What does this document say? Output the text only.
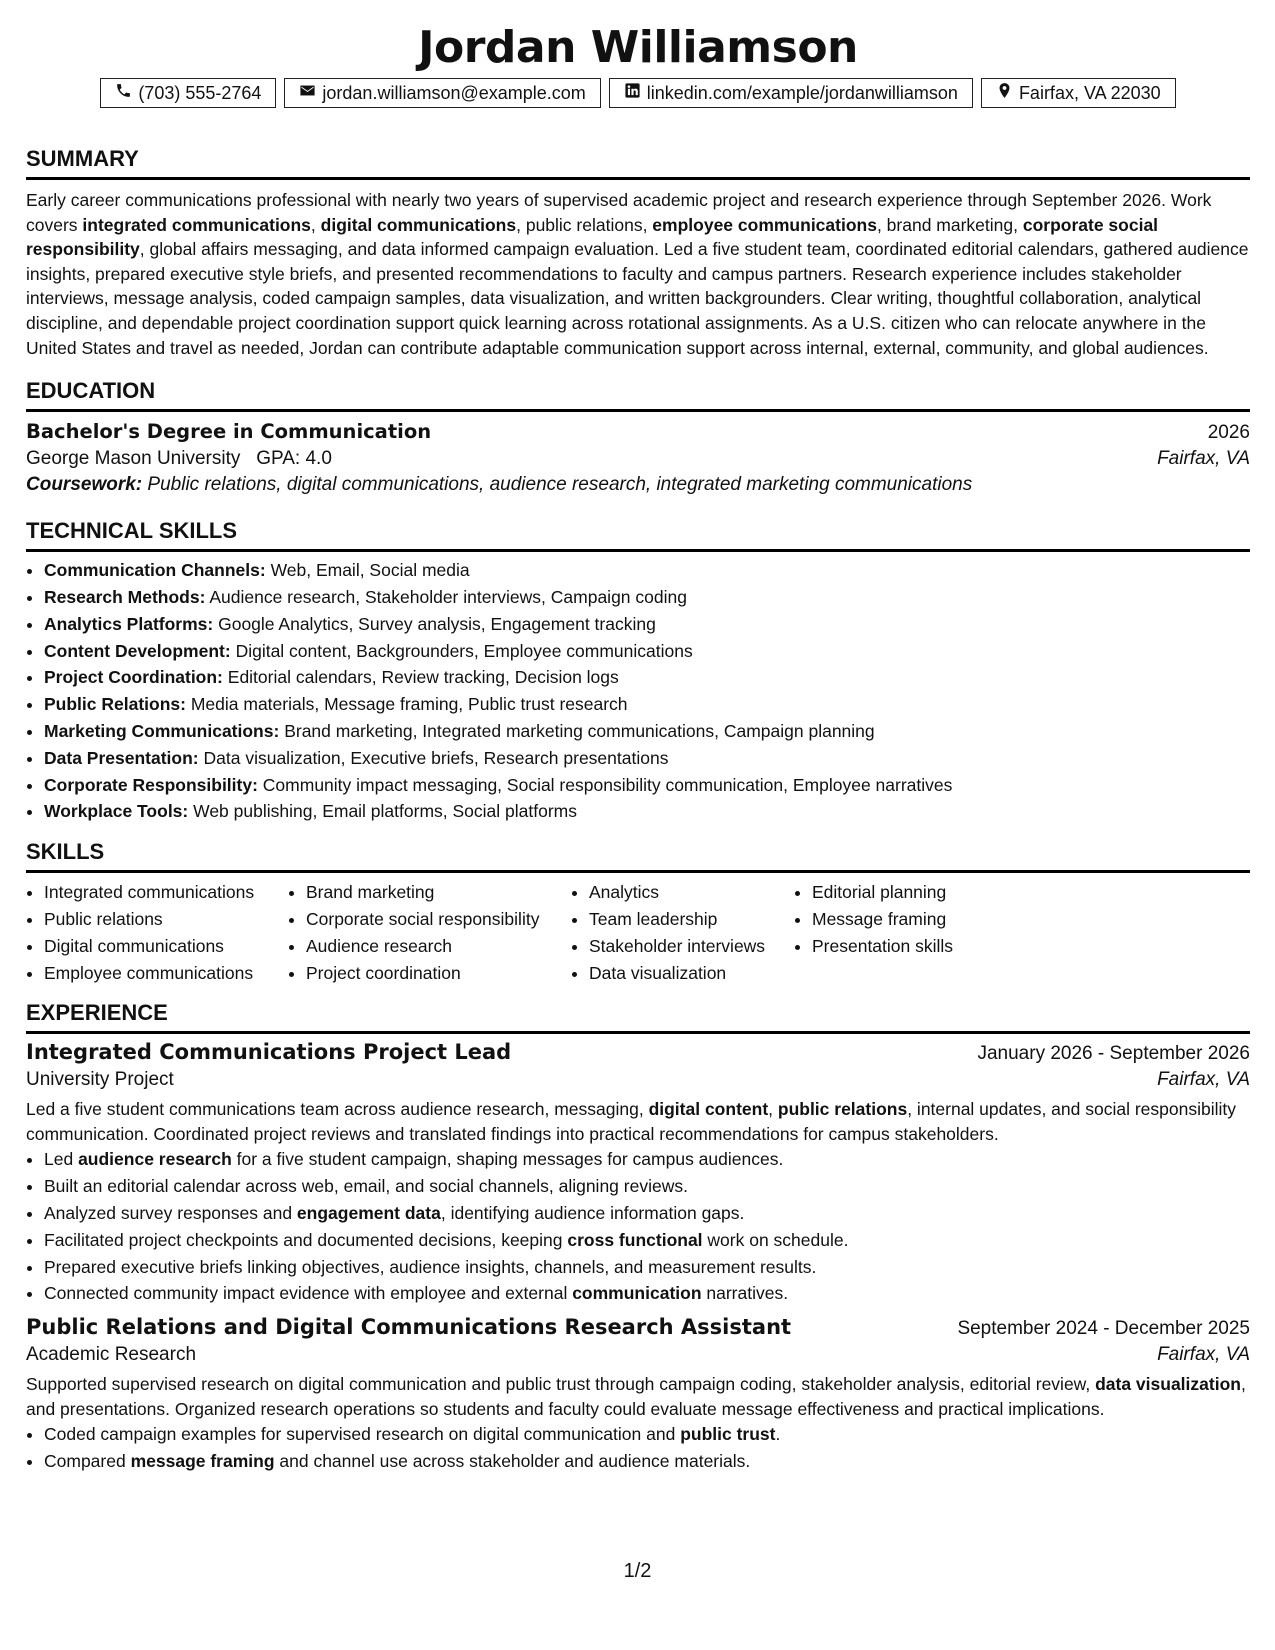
Jordan Williamson
(703) 555-2764	jordan.williamson@example.com	linkedin.com/example/jordanwilliamson	Fairfax, VA 22030
SUMMARY
Early career communications professional with nearly two years of supervised academic project and research experience through September 2026. Work covers integrated communications, digital communications, public relations, employee communications, brand marketing, corporate social responsibility, global affairs messaging, and data informed campaign evaluation. Led a five student team, coordinated editorial calendars, gathered audience insights, prepared executive style briefs, and presented recommendations to faculty and campus partners. Research experience includes stakeholder interviews, message analysis, coded campaign samples, data visualization, and written backgrounders. Clear writing, thoughtful collaboration, analytical discipline, and dependable project coordination support quick learning across rotational assignments. As a U.S. citizen who can relocate anywhere in the United States and travel as needed, Jordan can contribute adaptable communication support across internal, external, community, and global audiences.
EDUCATION
Bachelor's Degree in Communication	2026
George Mason University GPA: 4.0	Fairfax, VA
Coursework: Public relations, digital communications, audience research, integrated marketing communications
TECHNICAL SKILLS
• Communication Channels: Web, Email, Social media
• Research Methods: Audience research, Stakeholder interviews, Campaign coding
• Analytics Platforms: Google Analytics, Survey analysis, Engagement tracking
• Content Development: Digital content, Backgrounders, Employee communications
• Project Coordination: Editorial calendars, Review tracking, Decision logs
• Public Relations: Media materials, Message framing, Public trust research
• Marketing Communications: Brand marketing, Integrated marketing communications, Campaign planning
• Data Presentation: Data visualization, Executive briefs, Research presentations
• Corporate Responsibility: Community impact messaging, Social responsibility communication, Employee narratives
• Workplace Tools: Web publishing, Email platforms, Social platforms
SKILLS
• Integrated communications
• Public relations
• Digital communications
• Employee communications
• Brand marketing
• Corporate social responsibility
• Audience research
• Project coordination
• Analytics
• Team leadership
• Stakeholder interviews
• Data visualization
• Editorial planning
• Message framing
• Presentation skills
EXPERIENCE
Integrated Communications Project Lead	January 2026 - September 2026
University Project	Fairfax, VA
Led a five student communications team across audience research, messaging, digital content, public relations, internal updates, and social responsibility communication. Coordinated project reviews and translated findings into practical recommendations for campus stakeholders.
• Led audience research for a five student campaign, shaping messages for campus audiences.
• Built an editorial calendar across web, email, and social channels, aligning reviews.
• Analyzed survey responses and engagement data, identifying audience information gaps.
• Facilitated project checkpoints and documented decisions, keeping cross functional work on schedule.
• Prepared executive briefs linking objectives, audience insights, channels, and measurement results.
• Connected community impact evidence with employee and external communication narratives.
Public Relations and Digital Communications Research Assistant	September 2024 - December 2025
Academic Research	Fairfax, VA
Supported supervised research on digital communication and public trust through campaign coding, stakeholder analysis, editorial review, data visualization, and presentations. Organized research operations so students and faculty could evaluate message effectiveness and practical implications.
• Coded campaign examples for supervised research on digital communication and public trust.
• Compared message framing and channel use across stakeholder and audience materials.
1/2
